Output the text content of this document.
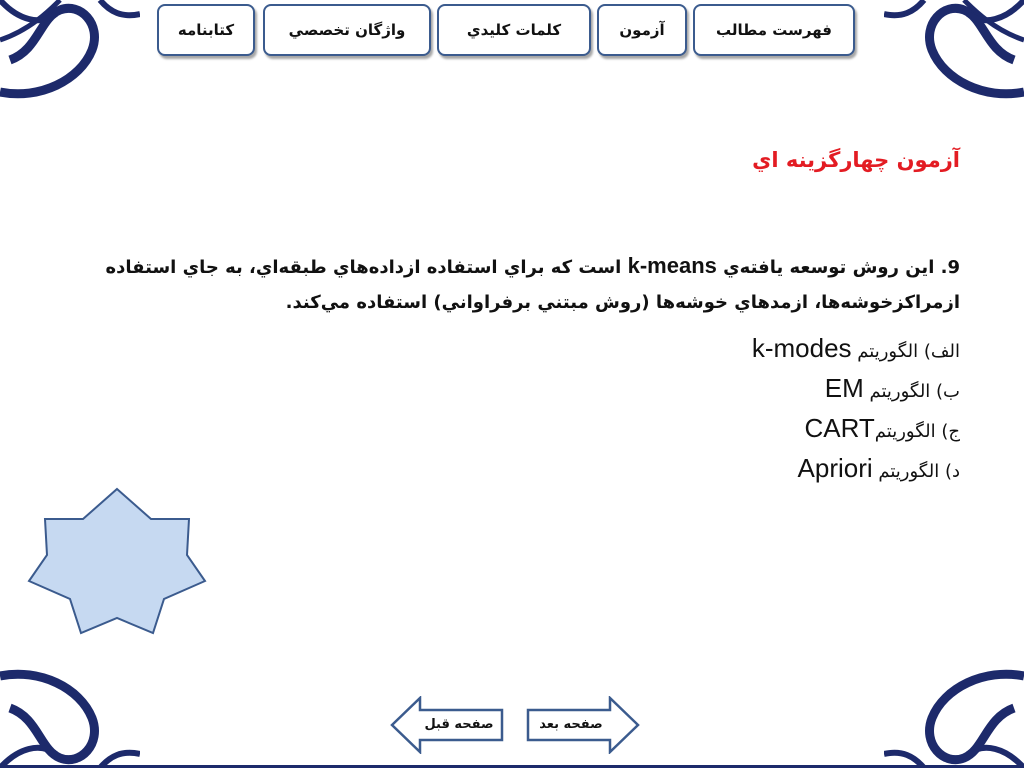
كتابنامه	واژگان تخصصي	كلمات كليدي	آزمون	فهرست مطالب
آزمون چهارگزينه اي

9. اين روش توسعه يافته‌ي k-means است كه براي استفاده ازداده‌هاي طبقه‌اي، به جاي استفاده ازمراكزخوشه‌ها، ازمدهاي خوشه‌ها (روش مبتني برفراواني) استفاده مي‌كند.

الف) الگوريتم k-modes
ب) الگوريتم EM
ج) الگوريتمCART
د) الگوريتم Apriori
صفحه قبل	صفحه بعد
